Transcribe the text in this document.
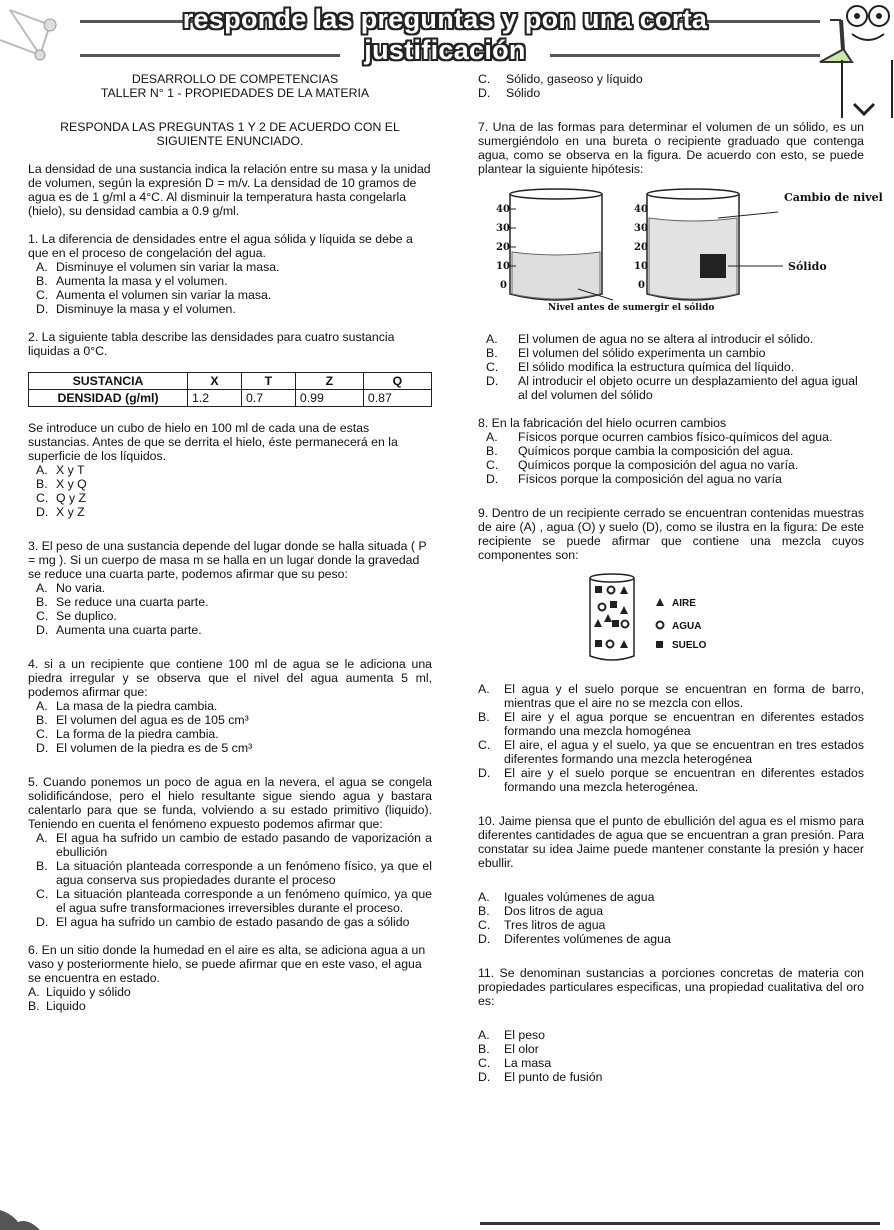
responde las preguntas y pon una corta
justificación

DESARROLLO DE COMPETENCIAS

TALLER N° 1 - PROPIEDADES DE LA MATERIA

RESPONDA LAS PREGUNTAS 1 Y 2 DE ACUERDO CON EL SIGUIENTE ENUNCIADO.

La densidad de una sustancia indica la relación entre su masa y la unidad de volumen, según la expresión D = m/v. La densidad de 10 gramos de agua es de 1 g/ml a 4°C. Al disminuir la temperatura hasta congelarla (hielo), su densidad cambia a 0.9 g/ml.

1. La diferencia de densidades entre el agua sólida y líquida se debe a que en el proceso de congelación del agua.

A. Disminuye el volumen sin variar la masa.
B. Aumenta la masa y el volumen.
C. Aumenta el volumen sin variar la masa.
D. Disminuye la masa y el volumen.

2. La siguiente tabla describe las densidades para cuatro sustancia liquidas a 0°C.

SUSTANCIA	X	T	Z	Q
DENSIDAD (g/ml)	1.2	0.7	0.99	0.87

Se introduce un cubo de hielo en 100 ml de cada una de estas sustancias. Antes de que se derrita el hielo, éste permanecerá en la superficie de los líquidos.

A. X y T
B. X y Q
C. Q y Z
D. X y Z

3. El peso de una sustancia depende del lugar donde se halla situada ( P = mg ). Si un cuerpo de masa m se halla en un lugar donde la gravedad se reduce una cuarta parte, podemos afirmar que su peso:

A. No varia.
B. Se reduce una cuarta parte.
C. Se duplico.
D. Aumenta una cuarta parte.

4. si a un recipiente que contiene 100 ml de agua se le adiciona una piedra irregular y se observa que el nivel del agua aumenta 5 ml, podemos afirmar que:

A. La masa de la piedra cambia.
B. El volumen del agua es de 105 cm³
C. La forma de la piedra cambia.
D. El volumen de la piedra es de 5 cm³

5. Cuando ponemos un poco de agua en la nevera, el agua se congela solidificándose, pero el hielo resultante sigue siendo agua y bastara calentarlo para que se funda, volviendo a su estado primitivo (liquido). Teniendo en cuenta el fenómeno expuesto podemos afirmar que:

A. El agua ha sufrido un cambio de estado pasando de vaporización a ebullición
B. La situación planteada corresponde a un fenómeno físico, ya que el agua conserva sus propiedades durante el proceso
C. La situación planteada corresponde a un fenómeno químico, ya que el agua sufre transformaciones irreversibles durante el proceso.
D. El agua ha sufrido un cambio de estado pasando de gas a sólido

6. En un sitio donde la humedad en el aire es alta, se adiciona agua a un vaso y posteriormente hielo, se puede afirmar que en este vaso, el agua se encuentra en estado.

A. Liquido y sólido
B. Liquido
C. Sólido, gaseoso y líquido
D. Sólido

7. Una de las formas para determinar el volumen de un sólido, es un sumergiéndolo en una bureta o recipiente graduado que contenga agua, como se observa en la figura. De acuerdo con esto, se puede plantear la siguiente hipótesis:

40
30
20
10
0
Nivel antes de sumergir el sólido
40
30
20
10
0
Cambio de nivel
Sólido
A. El volumen de agua no se altera al introducir el sólido.
B. El volumen del sólido experimenta un cambio
C. El sólido modifica la estructura química del líquido.
D. Al introducir el objeto ocurre un desplazamiento del agua igual al del volumen del sólido

8. En la fabricación del hielo ocurren cambios

A. Físicos porque ocurren cambios físico-químicos del agua.
B. Químicos porque cambia la composición del agua.
C. Químicos porque la composición del agua no varía.
D. Físicos porque la composición del agua no varía

9. Dentro de un recipiente cerrado se encuentran contenidas muestras de aire (A) , agua (O) y suelo (D), como se ilustra en la figura: De este recipiente se puede afirmar que contiene una mezcla cuyos componentes son:

AIRE
AGUA
SUELO
A. El agua y el suelo porque se encuentran en forma de barro, mientras que el aire no se mezcla con ellos.
B. El aire y el agua porque se encuentran en diferentes estados formando una mezcla homogénea
C. El aire, el agua y el suelo, ya que se encuentran en tres estados diferentes formando una mezcla heterogénea
D. El aire y el suelo porque se encuentran en diferentes estados formando una mezcla heterogénea.

10. Jaime piensa que el punto de ebullición del agua es el mismo para diferentes cantidades de agua que se encuentran a gran presión. Para constatar su idea Jaime puede mantener constante la presión y hacer ebullir.

A. Iguales volúmenes de agua
B. Dos litros de agua
C. Tres litros de agua
D. Diferentes volúmenes de agua

11. Se denominan sustancias a porciones concretas de materia con propiedades particulares especificas, una propiedad cualitativa del oro es:

A. El peso
B. El olor
C. La masa
D. El punto de fusión
